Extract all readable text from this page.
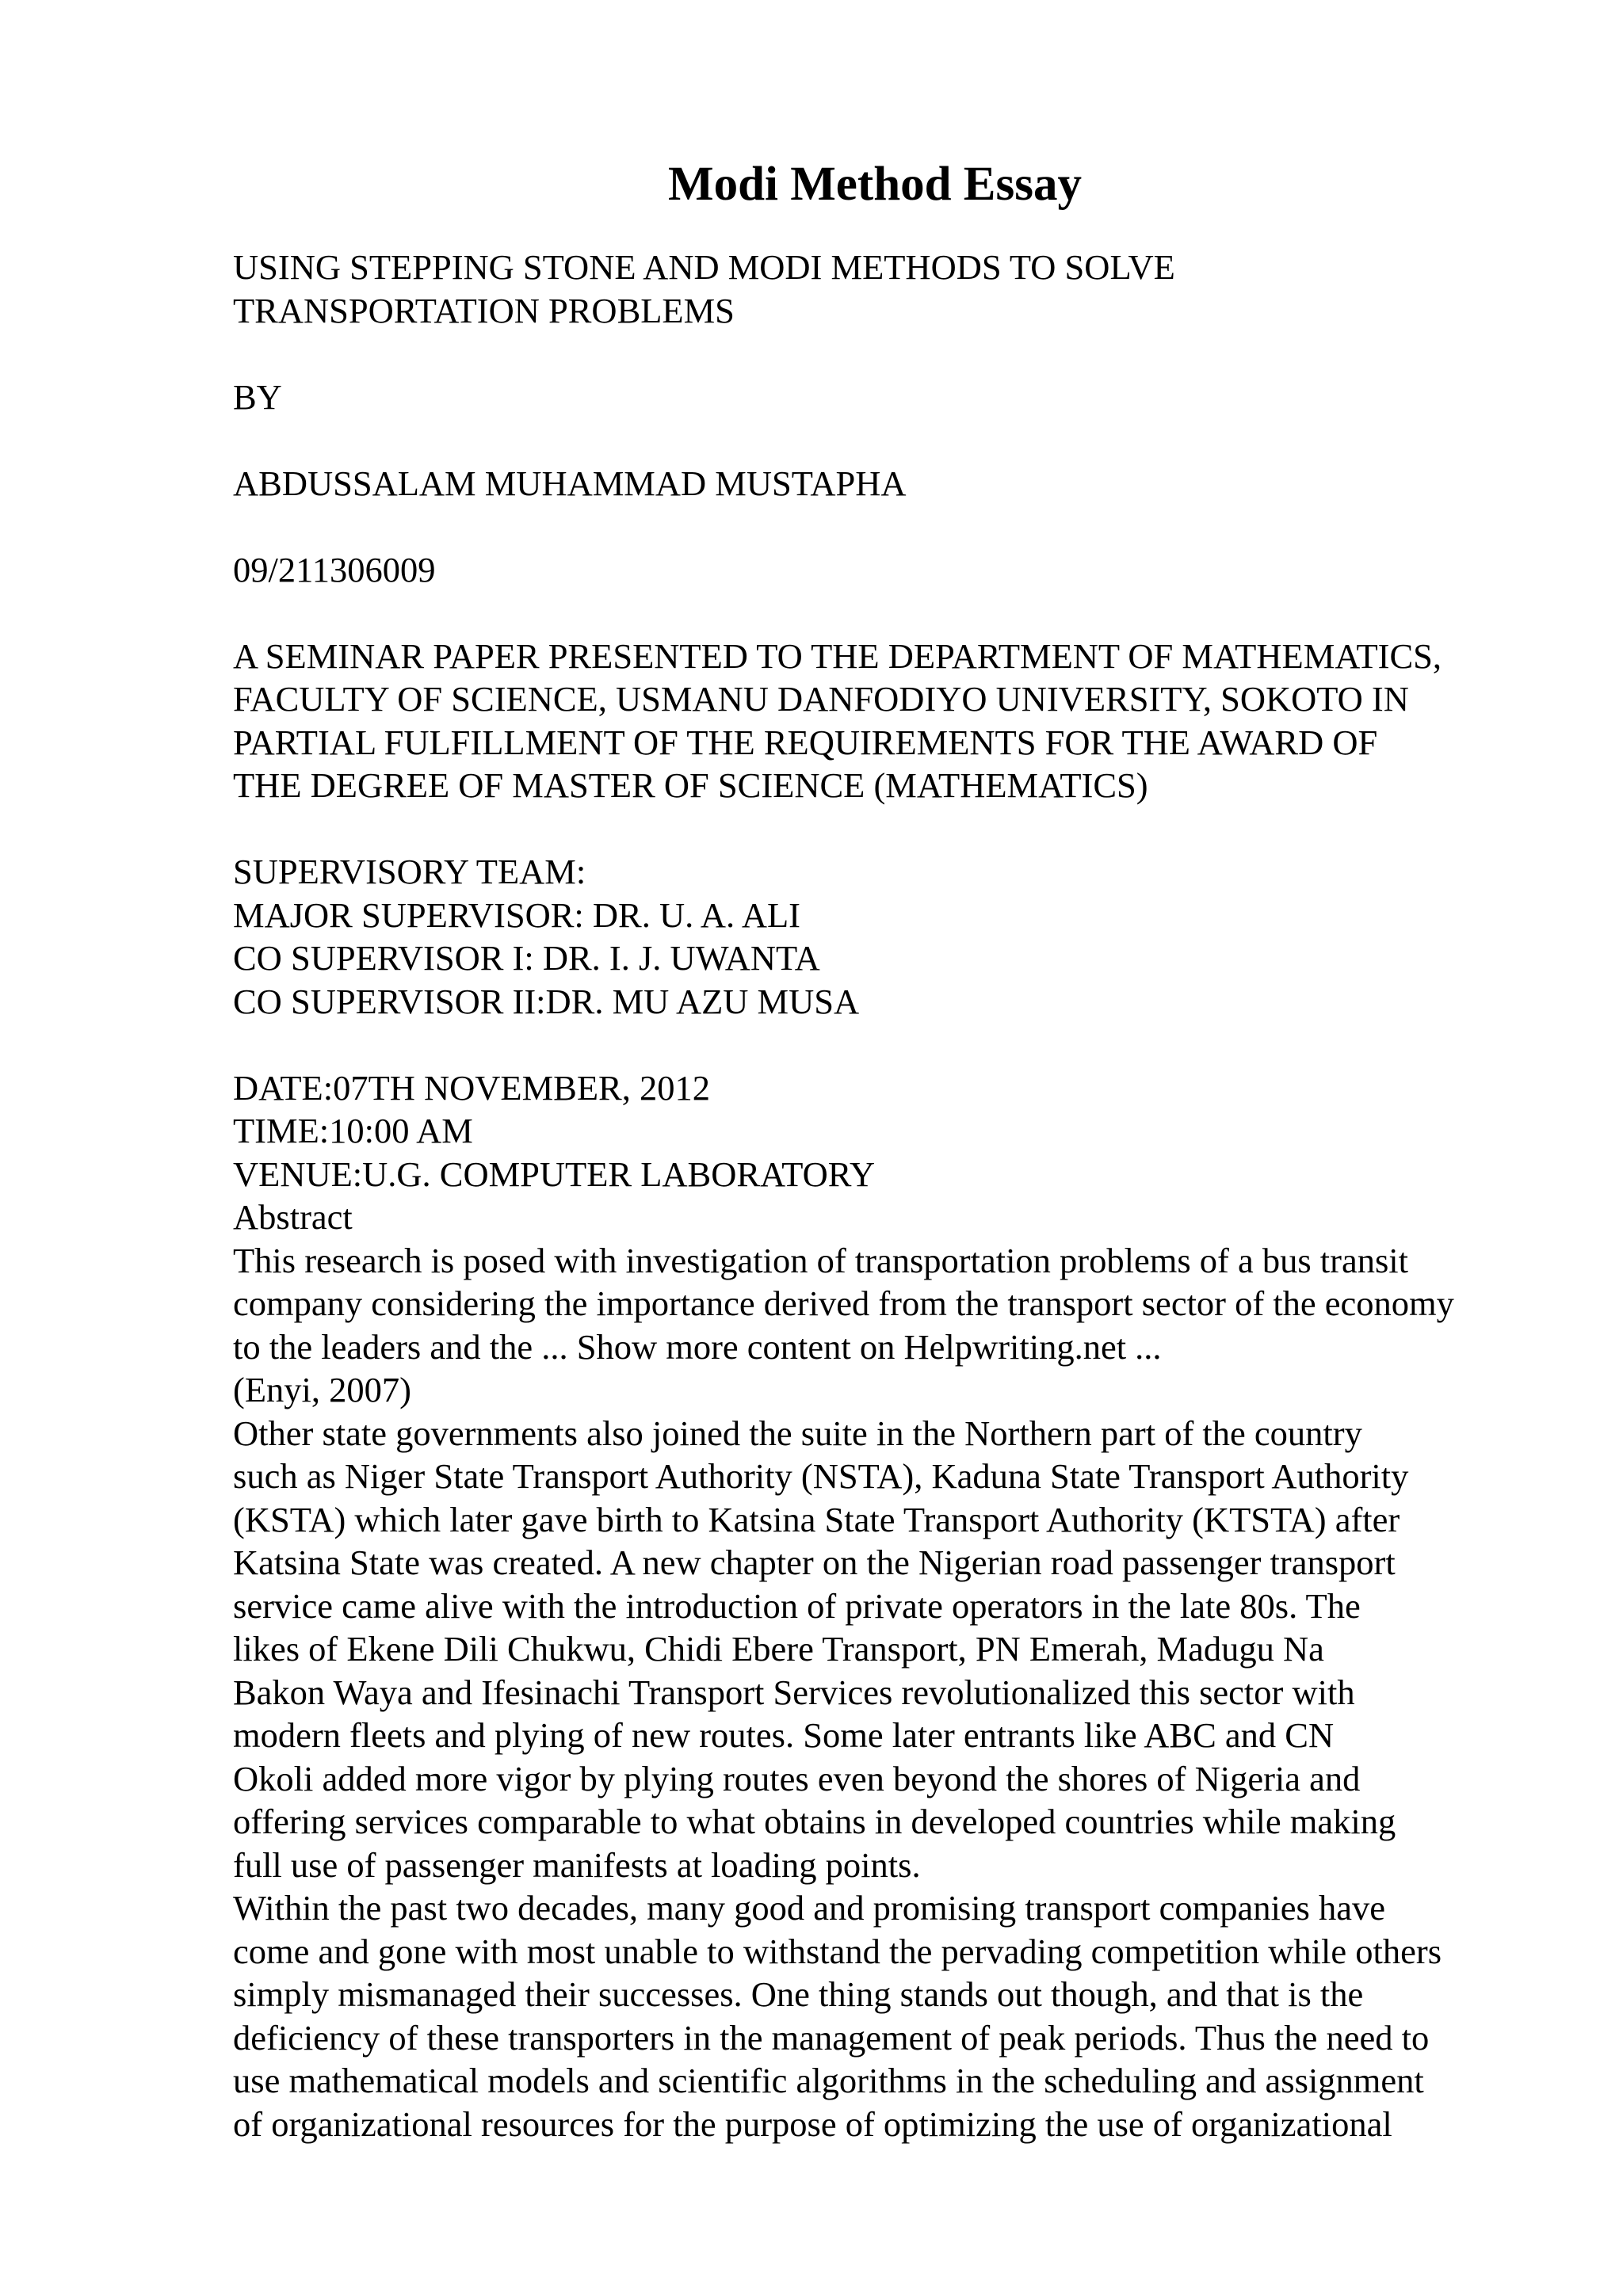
Modi Method Essay
USING STEPPING STONE AND MODI METHODS TO SOLVE
TRANSPORTATION PROBLEMS
BY
ABDUSSALAM MUHAMMAD MUSTAPHA
09/211306009
A SEMINAR PAPER PRESENTED TO THE DEPARTMENT OF MATHEMATICS,
FACULTY OF SCIENCE, USMANU DANFODIYO UNIVERSITY, SOKOTO IN
PARTIAL FULFILLMENT OF THE REQUIREMENTS FOR THE AWARD OF
THE DEGREE OF MASTER OF SCIENCE (MATHEMATICS)
SUPERVISORY TEAM:
MAJOR SUPERVISOR: DR. U. A. ALI
CO SUPERVISOR I: DR. I. J. UWANTA
CO SUPERVISOR II:DR. MU AZU MUSA
DATE:07TH NOVEMBER, 2012
TIME:10:00 AM
VENUE:U.G. COMPUTER LABORATORY
Abstract
This research is posed with investigation of transportation problems of a bus transit
company considering the importance derived from the transport sector of the economy
to the leaders and the ... Show more content on Helpwriting.net ...
(Enyi, 2007)
Other state governments also joined the suite in the Northern part of the country
such as Niger State Transport Authority (NSTA), Kaduna State Transport Authority
(KSTA) which later gave birth to Katsina State Transport Authority (KTSTA) after
Katsina State was created. A new chapter on the Nigerian road passenger transport
service came alive with the introduction of private operators in the late 80s. The
likes of Ekene Dili Chukwu, Chidi Ebere Transport, PN Emerah, Madugu Na
Bakon Waya and Ifesinachi Transport Services revolutionalized this sector with
modern fleets and plying of new routes. Some later entrants like ABC and CN
Okoli added more vigor by plying routes even beyond the shores of Nigeria and
offering services comparable to what obtains in developed countries while making
full use of passenger manifests at loading points.
Within the past two decades, many good and promising transport companies have
come and gone with most unable to withstand the pervading competition while others
simply mismanaged their successes. One thing stands out though, and that is the
deficiency of these transporters in the management of peak periods. Thus the need to
use mathematical models and scientific algorithms in the scheduling and assignment
of organizational resources for the purpose of optimizing the use of organizational
